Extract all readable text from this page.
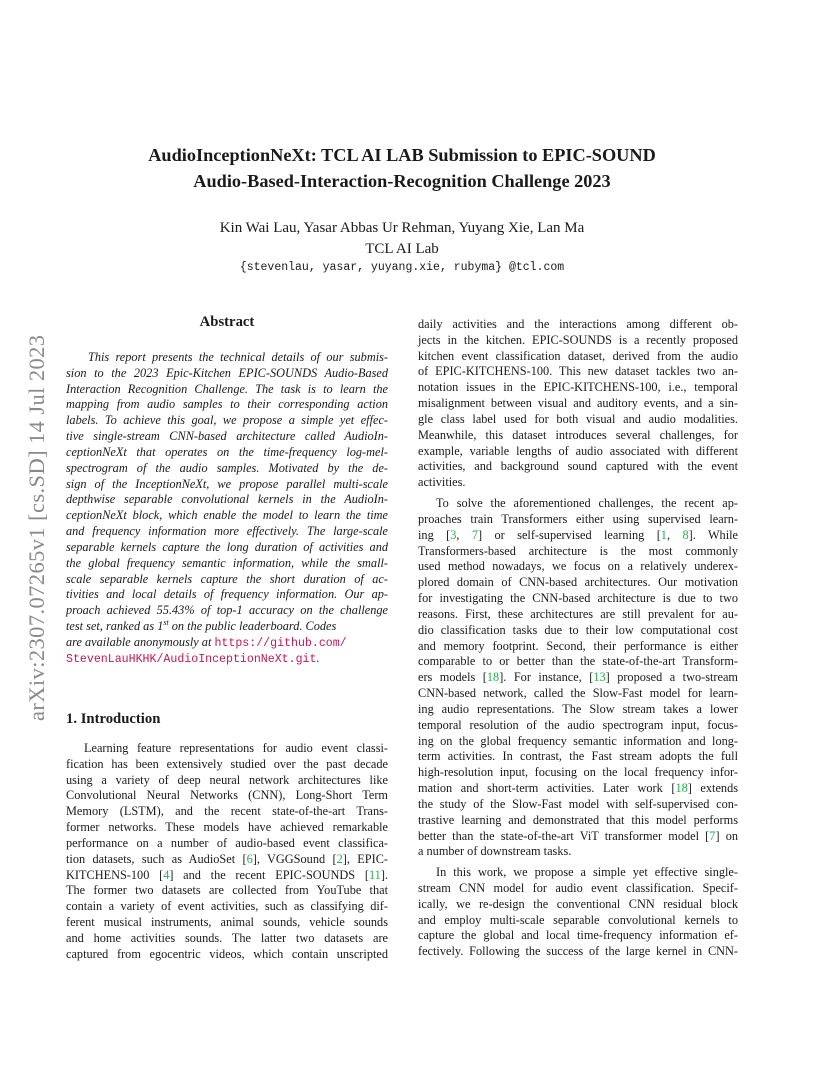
arXiv:2307.07265v1 [cs.SD] 14 Jul 2023
AudioInceptionNeXt: TCL AI LAB Submission to EPIC-SOUND
Audio-Based-Interaction-Recognition Challenge 2023
Kin Wai Lau, Yasar Abbas Ur Rehman, Yuyang Xie, Lan Ma
TCL AI Lab
{stevenlau, yasar, yuyang.xie, rubyma} @tcl.com
Abstract
This report presents the technical details of our submis-
sion to the 2023 Epic-Kitchen EPIC-SOUNDS Audio-Based
Interaction Recognition Challenge. The task is to learn the
mapping from audio samples to their corresponding action
labels. To achieve this goal, we propose a simple yet effec-
tive single-stream CNN-based architecture called AudioIn-
ceptionNeXt that operates on the time-frequency log-mel-
spectrogram of the audio samples. Motivated by the de-
sign of the InceptionNeXt, we propose parallel multi-scale
depthwise separable convolutional kernels in the AudioIn-
ceptionNeXt block, which enable the model to learn the time
and frequency information more effectively. The large-scale
separable kernels capture the long duration of activities and
the global frequency semantic information, while the small-
scale separable kernels capture the short duration of ac-
tivities and local details of frequency information. Our ap-
proach achieved 55.43% of top-1 accuracy on the challenge
test set, ranked as 1st on the public leaderboard. Codes
are available anonymously at https://github.com/
StevenLauHKHK/AudioInceptionNeXt.git.
1. Introduction
Learning feature representations for audio event classi-
fication has been extensively studied over the past decade
using a variety of deep neural network architectures like
Convolutional Neural Networks (CNN), Long-Short Term
Memory (LSTM), and the recent state-of-the-art Trans-
former networks. These models have achieved remarkable
performance on a number of audio-based event classifica-
tion datasets, such as AudioSet [6], VGGSound [2], EPIC-
KITCHENS-100 [4] and the recent EPIC-SOUNDS [11].
The former two datasets are collected from YouTube that
contain a variety of event activities, such as classifying dif-
ferent musical instruments, animal sounds, vehicle sounds
and home activities sounds. The latter two datasets are
captured from egocentric videos, which contain unscripted
daily activities and the interactions among different ob-
jects in the kitchen. EPIC-SOUNDS is a recently proposed
kitchen event classification dataset, derived from the audio
of EPIC-KITCHENS-100. This new dataset tackles two an-
notation issues in the EPIC-KITCHENS-100, i.e., temporal
misalignment between visual and auditory events, and a sin-
gle class label used for both visual and audio modalities.
Meanwhile, this dataset introduces several challenges, for
example, variable lengths of audio associated with different
activities, and background sound captured with the event
activities.
To solve the aforementioned challenges, the recent ap-
proaches train Transformers either using supervised learn-
ing [3, 7] or self-supervised learning [1, 8]. While
Transformers-based architecture is the most commonly
used method nowadays, we focus on a relatively underex-
plored domain of CNN-based architectures. Our motivation
for investigating the CNN-based architecture is due to two
reasons. First, these architectures are still prevalent for au-
dio classification tasks due to their low computational cost
and memory footprint. Second, their performance is either
comparable to or better than the state-of-the-art Transform-
ers models [18]. For instance, [13] proposed a two-stream
CNN-based network, called the Slow-Fast model for learn-
ing audio representations. The Slow stream takes a lower
temporal resolution of the audio spectrogram input, focus-
ing on the global frequency semantic information and long-
term activities. In contrast, the Fast stream adopts the full
high-resolution input, focusing on the local frequency infor-
mation and short-term activities. Later work [18] extends
the study of the Slow-Fast model with self-supervised con-
trastive learning and demonstrated that this model performs
better than the state-of-the-art ViT transformer model [7] on
a number of downstream tasks.
In this work, we propose a simple yet effective single-
stream CNN model for audio event classification. Specif-
ically, we re-design the conventional CNN residual block
and employ multi-scale separable convolutional kernels to
capture the global and local time-frequency information ef-
fectively. Following the success of the large kernel in CNN-
